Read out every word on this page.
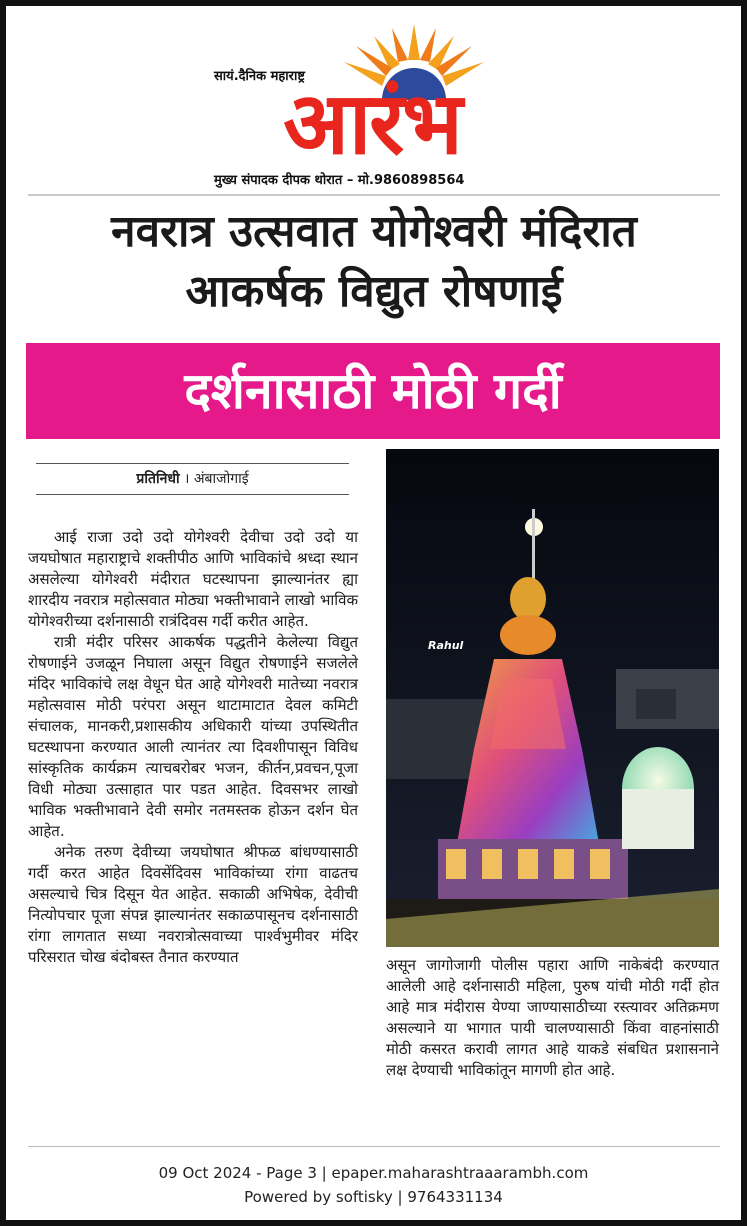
सायं.दैनिक महाराष्ट्र
आरंभ
मुख्य संपादक दीपक थोरात – मो.9860898564
नवरात्र उत्सवात योगेश्वरी मंदिरात
आकर्षक विद्युत रोषणाई
दर्शनासाठी मोठी गर्दी
प्रतिनिधी । अंबाजोगाई

आई राजा उदो उदो योगेश्वरी देवीचा उदो उदो या जयघोषात महाराष्ट्राचे शक्तीपीठ आणि भाविकांचे श्रध्दा स्थान असलेल्या योगेश्वरी मंदीरात घटस्थापना झाल्यानंतर ह्या शारदीय नवरात्र महोत्सवात मोठ्या भक्तीभावाने लाखो भाविक योगेश्वरीच्या दर्शनासाठी रात्रंदिवस गर्दी करीत आहेत.

रात्री मंदीर परिसर आकर्षक पद्धतीने केलेल्या विद्युत रोषणाईने उजळून निघाला असून विद्युत रोषणाईने सजलेले मंदिर भाविकांचे लक्ष वेधून घेत आहे योगेश्वरी मातेच्या नवरात्र महोत्सवास मोठी परंपरा असून थाटामाटात देवल कमिटी संचालक, मानकरी,प्रशासकीय अधिकारी यांच्या उपस्थितीत घटस्थापना करण्यात आली त्यानंतर त्या दिवशीपासून विविध सांस्कृतिक कार्यक्रम त्याचबरोबर भजन, कीर्तन,प्रवचन,पूजा विधी मोठ्या उत्साहात पार पडत आहेत. दिवसभर लाखो भाविक भक्तीभावाने देवी समोर नतमस्तक होऊन दर्शन घेत आहेत.

अनेक तरुण देवीच्या जयघोषात श्रीफळ बांधण्यासाठी गर्दी करत आहेत दिवसेंदिवस भाविकांच्या रांगा वाढतच असल्याचे चित्र दिसून येत आहेत. सकाळी अभिषेक, देवीची नित्योपचार पूजा संपन्न झाल्यानंतर सकाळपासूनच दर्शनासाठी रांगा लागतात सध्या नवरात्रोत्सवाच्या पार्श्वभुमीवर मंदिर परिसरात चोख बंदोबस्त तैनात करण्यात

Rahul

असून जागोजागी पोलीस पहारा आणि नाकेबंदी करण्यात आलेली आहे दर्शनासाठी महिला, पुरुष यांची मोठी गर्दी होत आहे मात्र मंदीरास येण्या जाण्यासाठीच्या रस्त्यावर अतिक्रमण असल्याने या भागात पायी चालण्यासाठी किंवा वाहनांसाठी मोठी कसरत करावी लागत आहे याकडे संबधित प्रशासनाने लक्ष देण्याची भाविकांतून मागणी होत आहे.

09 Oct 2024 - Page 3 | epaper.maharashtraaarambh.com
Powered by softisky | 9764331134
